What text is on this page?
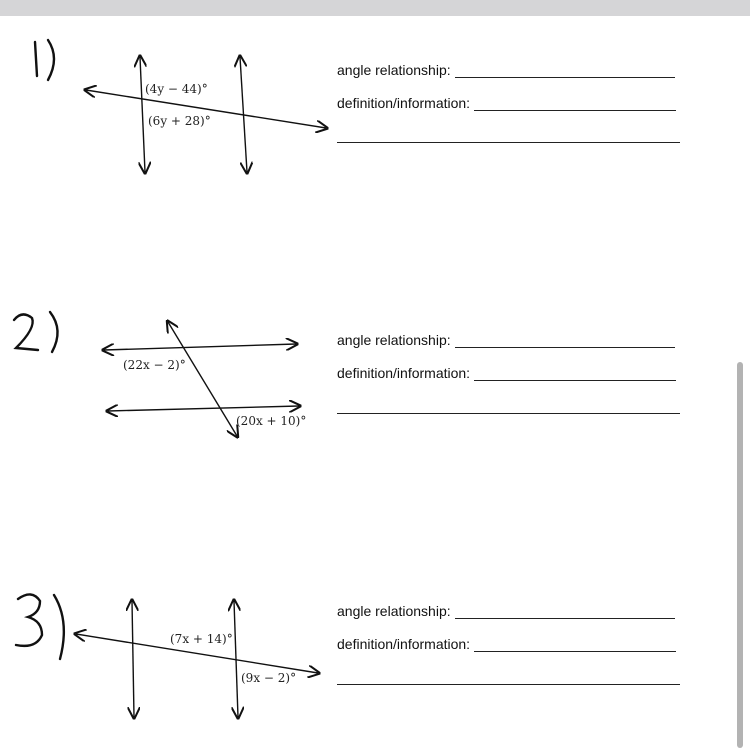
(4y − 44)°
(6y + 28)°
angle relationship:
definition/information:
(22x − 2)°
(20x + 10)°
angle relationship:
definition/information:
(7x + 14)°
(9x − 2)°
angle relationship:
definition/information:
